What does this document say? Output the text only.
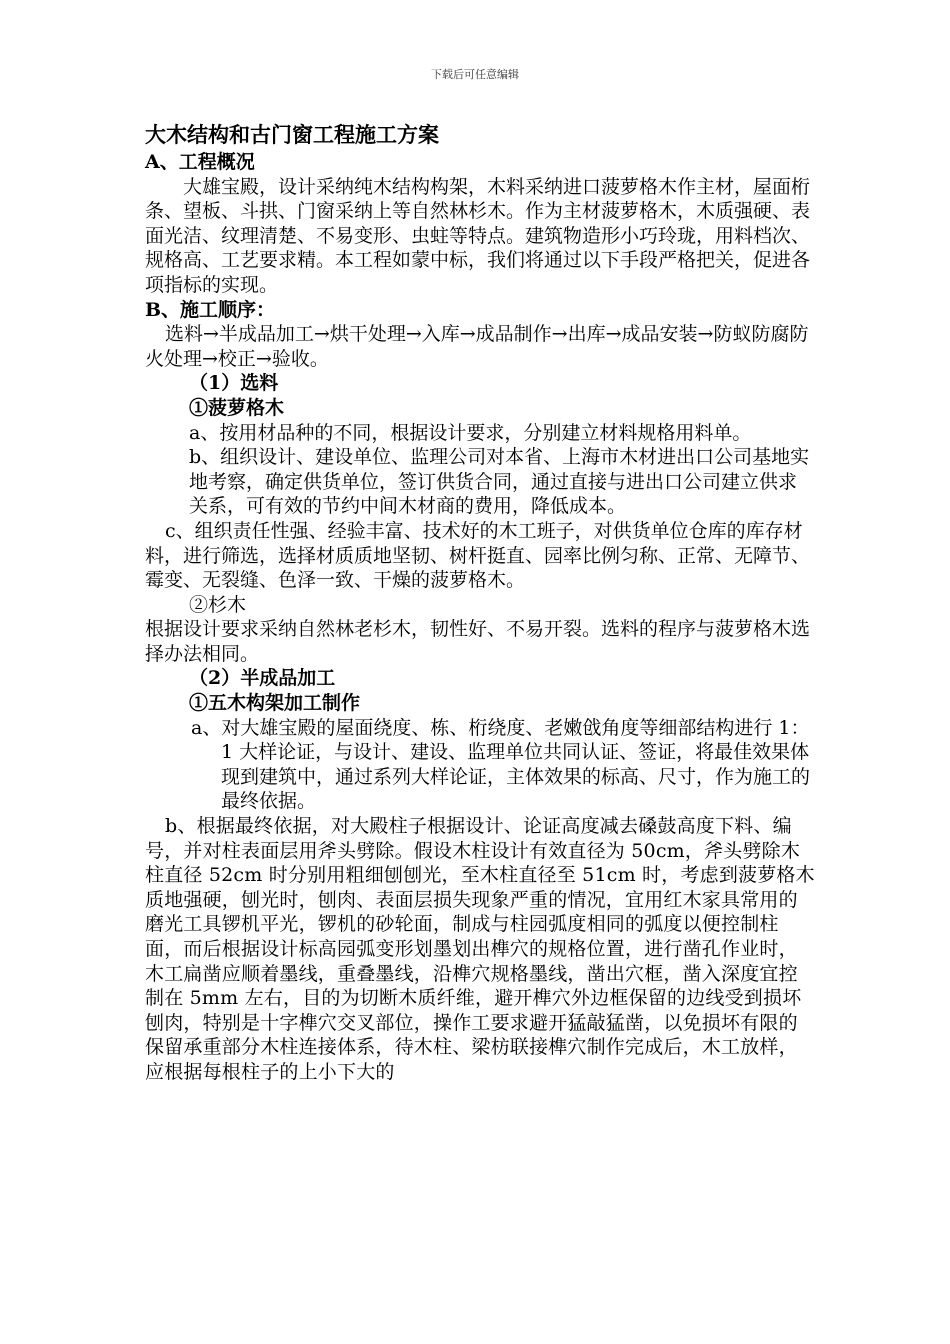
下载后可任意编辑

大木结构和古门窗工程施工方案

A、工程概况

大雄宝殿，设计采纳纯木结构构架，木料采纳进口菠萝格木作主材，屋面桁条、望板、斗拱、门窗采纳上等自然林杉木。作为主材菠萝格木，木质强硬、表面光洁、纹理清楚、不易变形、虫蛀等特点。建筑物造形小巧玲珑，用料档次、规格高、工艺要求精。本工程如蒙中标，我们将通过以下手段严格把关，促进各项指标的实现。

B、施工顺序：

选料→半成品加工→烘干处理→入库→成品制作→出库→成品安装→防蚁防腐防火处理→校正→验收。

（1）选料

①菠萝格木

a、按用材品种的不同，根据设计要求，分别建立材料规格用料单。

b、组织设计、建设单位、监理公司对本省、上海市木材进出口公司基地实地考察，确定供货单位，签订供货合同，通过直接与进出口公司建立供求关系，可有效的节约中间木材商的费用，降低成本。

c、组织责任性强、经验丰富、技术好的木工班子，对供货单位仓库的库存材料，进行筛选，选择材质质地坚韧、树杆挺直、园率比例匀称、正常、无障节、霉变、无裂缝、色泽一致、干燥的菠萝格木。

②杉木

根据设计要求采纳自然林老杉木，韧性好、不易开裂。选料的程序与菠萝格木选择办法相同。

（2）半成品加工

①五木构架加工制作

a、对大雄宝殿的屋面绕度、栋、桁绕度、老嫩戗角度等细部结构进行 1：1 大样论证，与设计、建设、监理单位共同认证、签证，将最佳效果体现到建筑中，通过系列大样论证，主体效果的标高、尺寸，作为施工的最终依据。

b、根据最终依据，对大殿柱子根据设计、论证高度减去磉鼓高度下料、编号，并对柱表面层用斧头劈除。假设木柱设计有效直径为 50cm，斧头劈除木柱直径 52cm 时分别用粗细刨刨光，至木柱直径至 51cm 时，考虑到菠萝格木质地强硬，刨光时，刨肉、表面层损失现象严重的情况，宜用红木家具常用的磨光工具锣机平光，锣机的砂轮面，制成与柱园弧度相同的弧度以便控制柱面，而后根据设计标高园弧变形划墨划出榫穴的规格位置，进行凿孔作业时，木工扁凿应顺着墨线，重叠墨线，沿榫穴规格墨线，凿出穴框，凿入深度宜控制在 5mm 左右，目的为切断木质纤维，避开榫穴外边框保留的边线受到损坏刨肉，特别是十字榫穴交叉部位，操作工要求避开猛敲猛凿，以免损坏有限的保留承重部分木柱连接体系，待木柱、梁枋联接榫穴制作完成后，木工放样，应根据每根柱子的上小下大的
